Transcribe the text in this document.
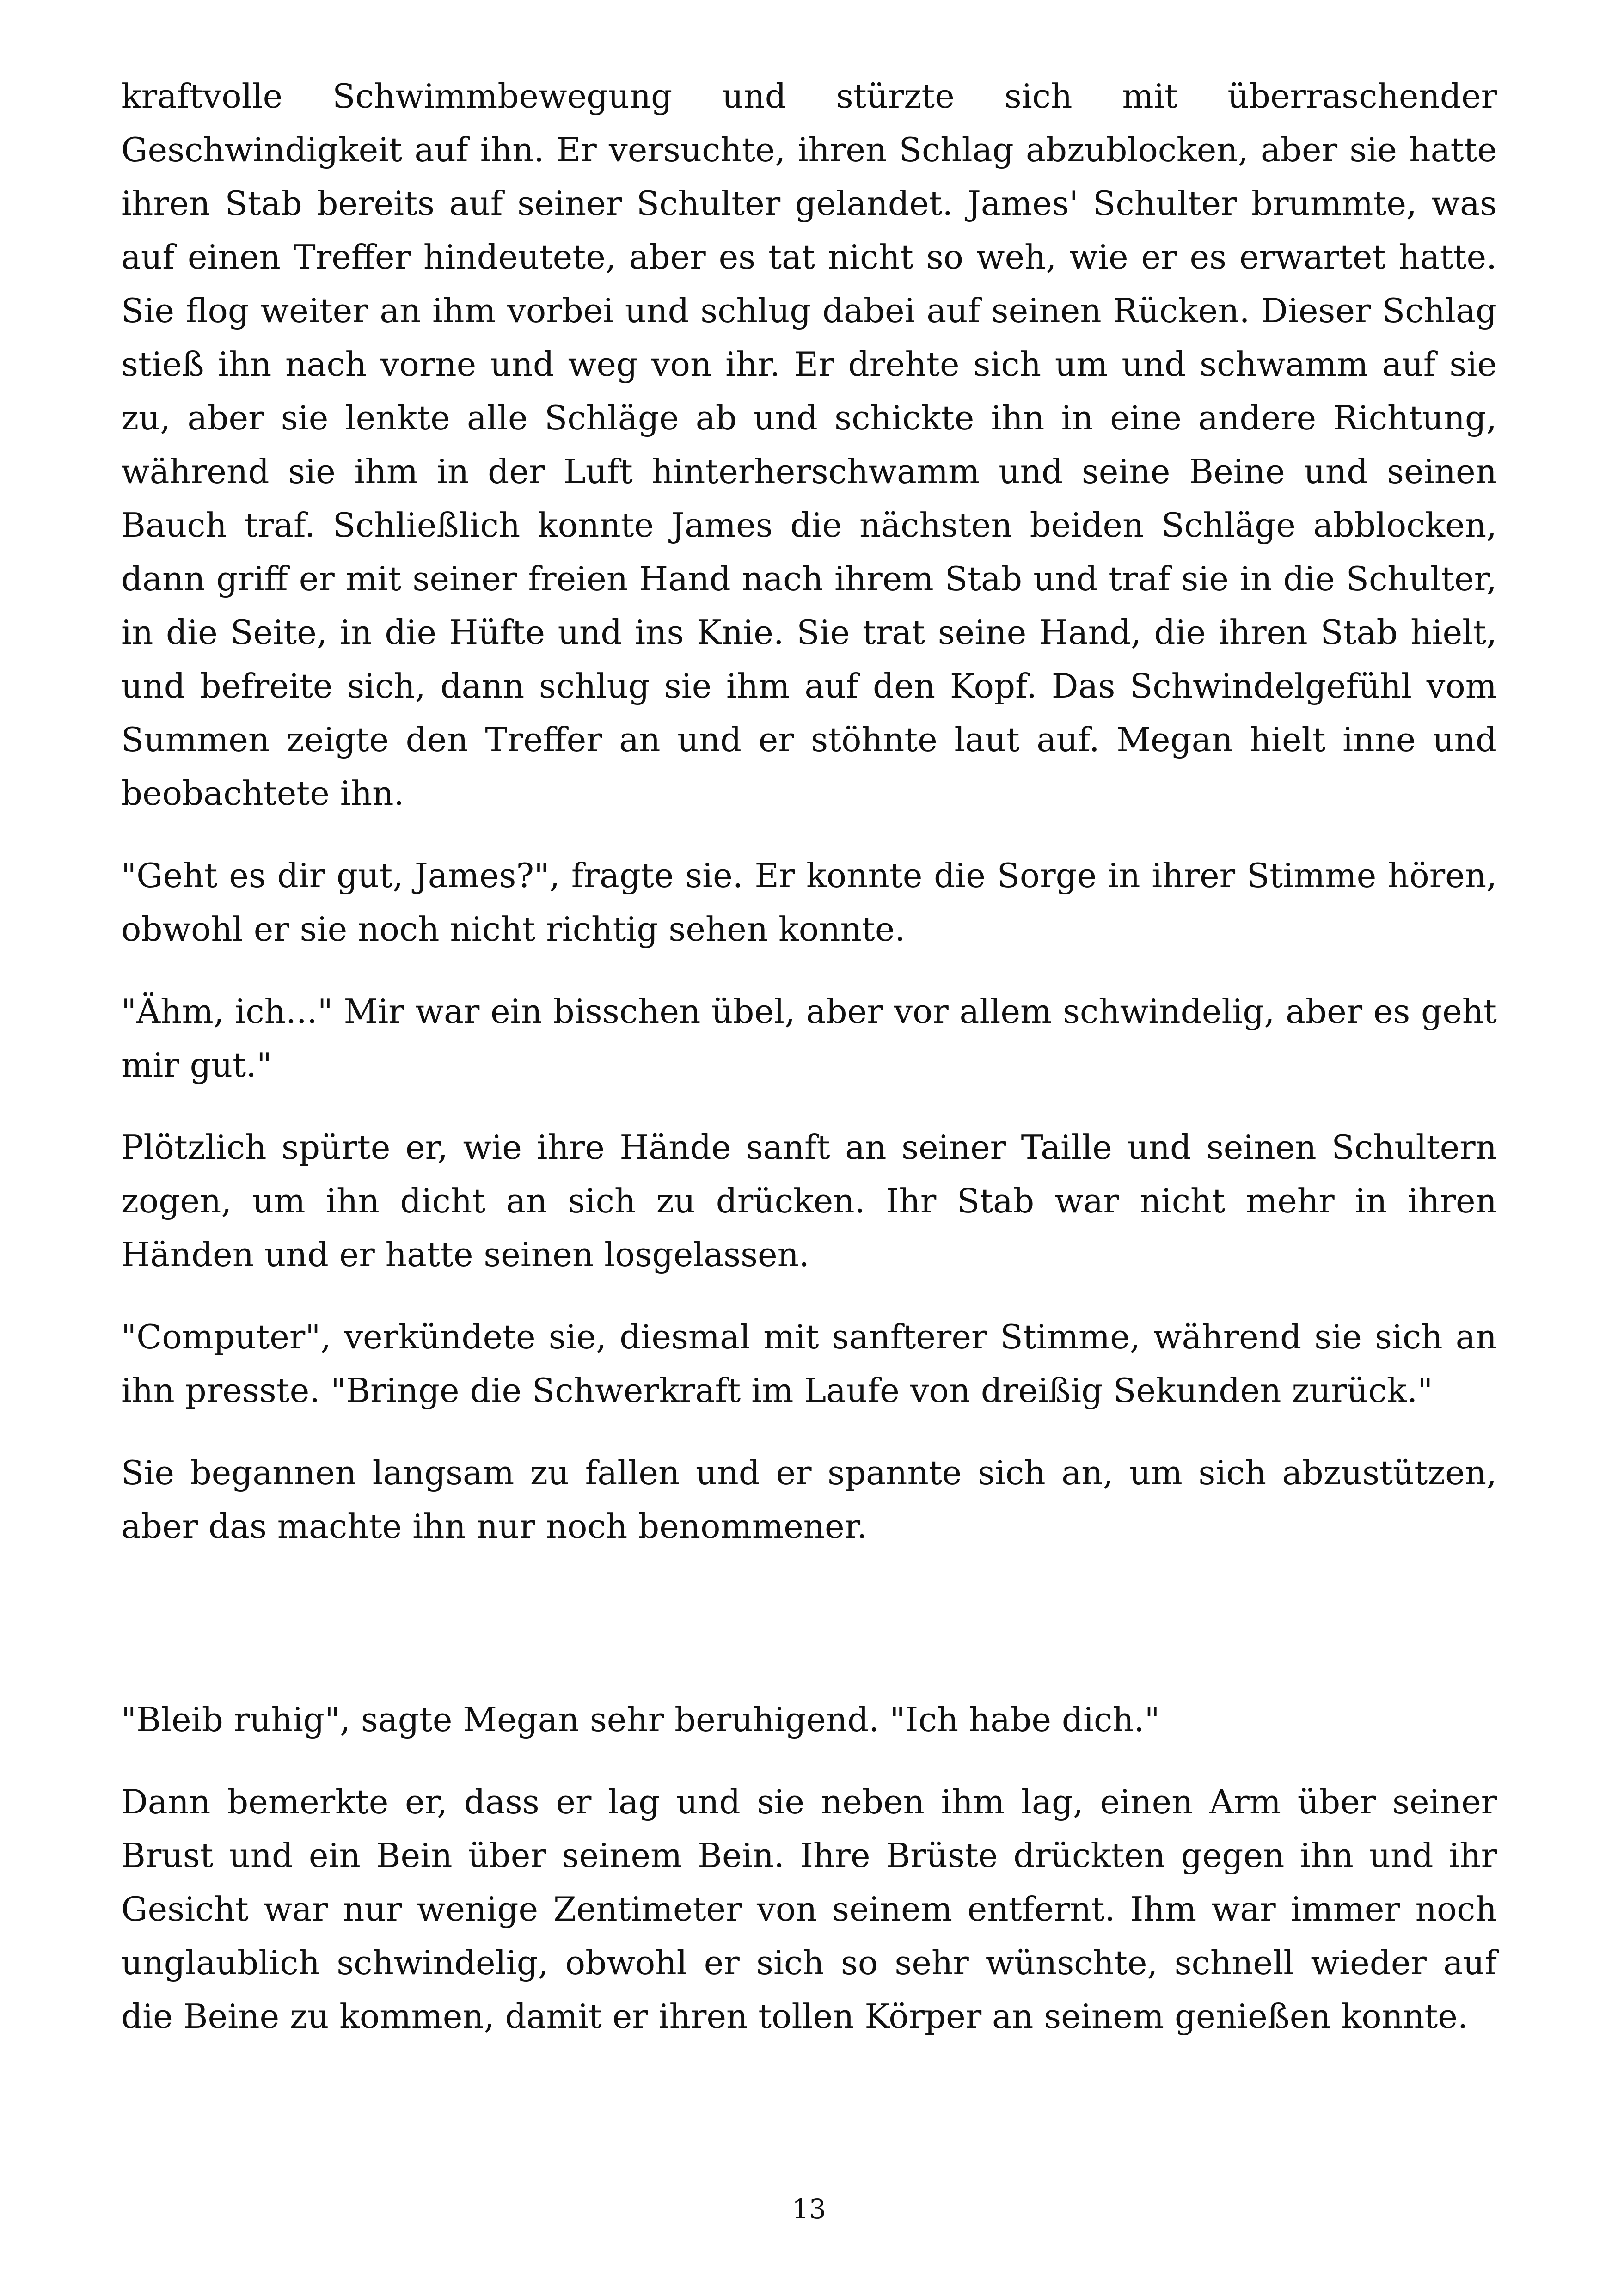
kraftvolle Schwimmbewegung und stürzte sich mit überraschender Geschwindigkeit auf ihn. Er versuchte, ihren Schlag abzublocken, aber sie hatte ihren Stab bereits auf seiner Schulter gelandet. James' Schulter brummte, was auf einen Treffer hindeutete, aber es tat nicht so weh, wie er es erwartet hatte. Sie flog weiter an ihm vorbei und schlug dabei auf seinen Rücken. Dieser Schlag stieß ihn nach vorne und weg von ihr. Er drehte sich um und schwamm auf sie zu, aber sie lenkte alle Schläge ab und schickte ihn in eine andere Richtung, während sie ihm in der Luft hinterherschwamm und seine Beine und seinen Bauch traf. Schließlich konnte James die nächsten beiden Schläge abblocken, dann griff er mit seiner freien Hand nach ihrem Stab und traf sie in die Schulter, in die Seite, in die Hüfte und ins Knie. Sie trat seine Hand, die ihren Stab hielt, und befreite sich, dann schlug sie ihm auf den Kopf. Das Schwindelgefühl vom Summen zeigte den Treffer an und er stöhnte laut auf. Megan hielt inne und beobachtete ihn.

"Geht es dir gut, James?", fragte sie. Er konnte die Sorge in ihrer Stimme hören, obwohl er sie noch nicht richtig sehen konnte.

"Ähm, ich..." Mir war ein bisschen übel, aber vor allem schwindelig, aber es geht mir gut."

Plötzlich spürte er, wie ihre Hände sanft an seiner Taille und seinen Schultern zogen, um ihn dicht an sich zu drücken. Ihr Stab war nicht mehr in ihren Händen und er hatte seinen losgelassen.

"Computer", verkündete sie, diesmal mit sanfterer Stimme, während sie sich an ihn presste. "Bringe die Schwerkraft im Laufe von dreißig Sekunden zurück."

Sie begannen langsam zu fallen und er spannte sich an, um sich abzustützen, aber das machte ihn nur noch benommener.

"Bleib ruhig", sagte Megan sehr beruhigend. "Ich habe dich."

Dann bemerkte er, dass er lag und sie neben ihm lag, einen Arm über seiner Brust und ein Bein über seinem Bein. Ihre Brüste drückten gegen ihn und ihr Gesicht war nur wenige Zentimeter von seinem entfernt. Ihm war immer noch unglaublich schwindelig, obwohl er sich so sehr wünschte, schnell wieder auf die Beine zu kommen, damit er ihren tollen Körper an seinem genießen konnte.

13
